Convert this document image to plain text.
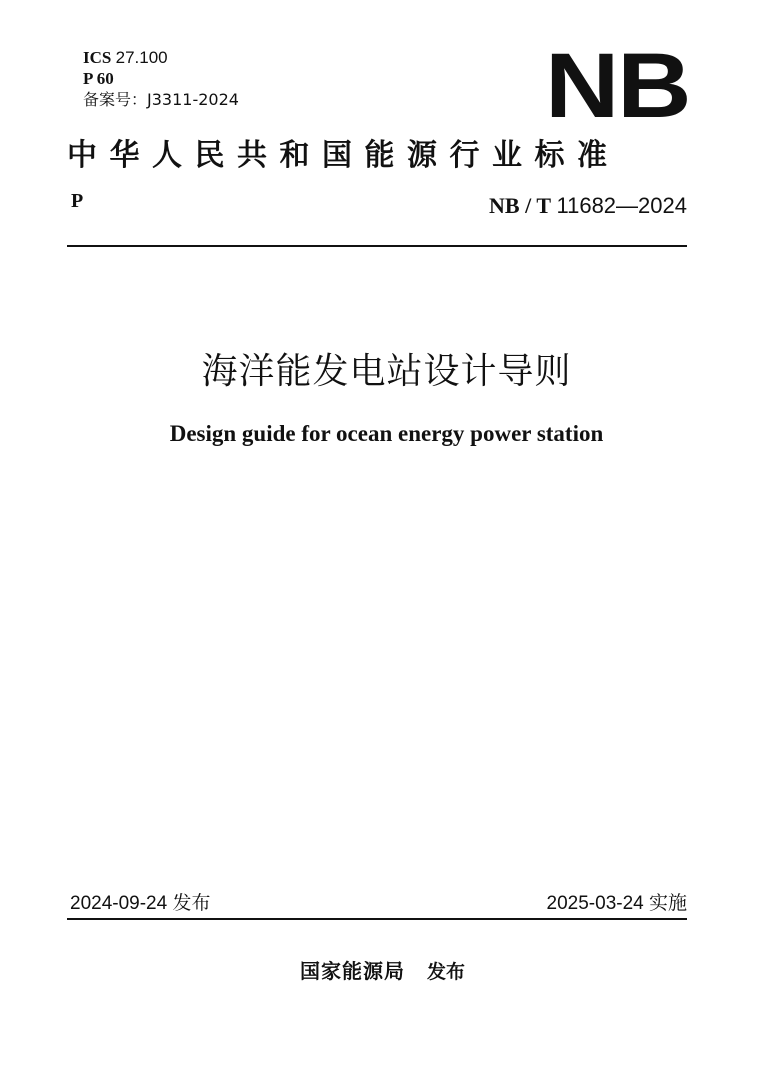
ICS 27.100
P 60
备案号：J3311-2024	NB
中华人民共和国能源行业标准
P	NB / T 11682—2024
海洋能发电站设计导则
Design guide for ocean energy power station
2024-09-24 发布	2025-03-24 实施
国家能源局 发布
